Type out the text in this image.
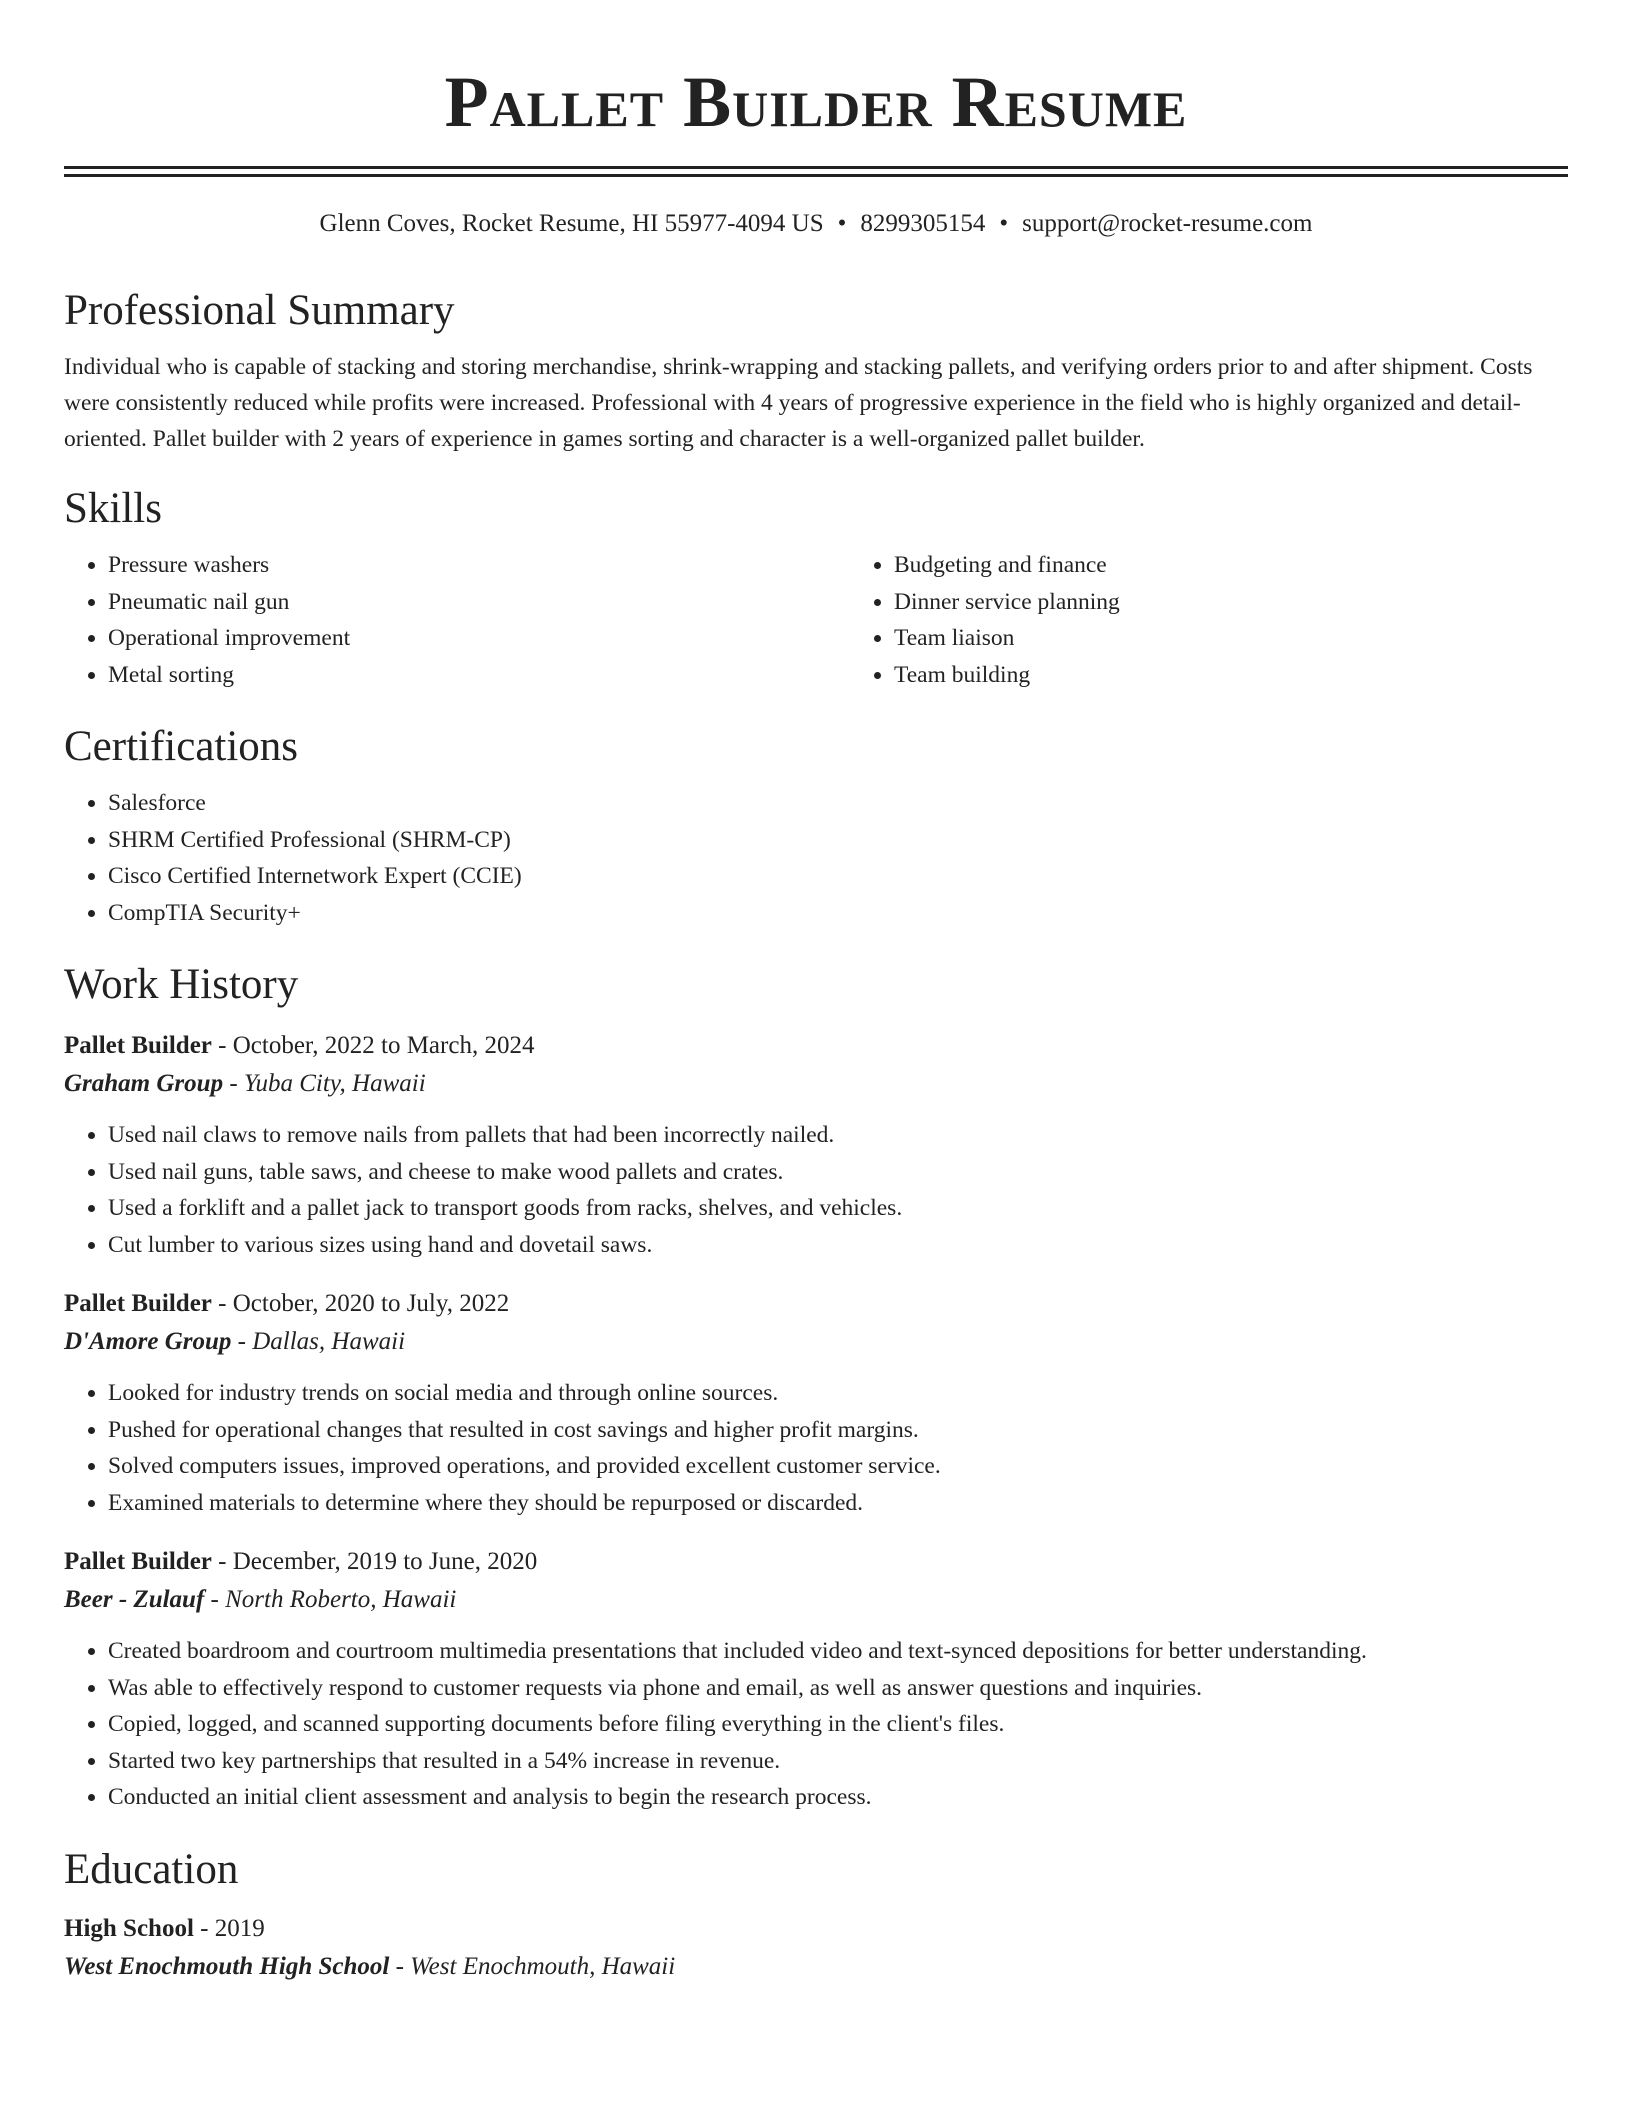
Pallet Builder Resume
Glenn Coves, Rocket Resume, HI 55977-4094 US • 8299305154 • support@rocket-resume.com
Professional Summary

Individual who is capable of stacking and storing merchandise, shrink-wrapping and stacking pallets, and verifying orders prior to and after shipment. Costs were consistently reduced while profits were increased. Professional with 4 years of progressive experience in the field who is highly organized and detail-oriented. Pallet builder with 2 years of experience in games sorting and character is a well-organized pallet builder.

Skills
• Pressure washers
• Pneumatic nail gun
• Operational improvement
• Metal sorting
• Budgeting and finance
• Dinner service planning
• Team liaison
• Team building
Certifications
• Salesforce
• SHRM Certified Professional (SHRM-CP)
• Cisco Certified Internetwork Expert (CCIE)
• CompTIA Security+
Work History
Pallet Builder - October, 2022 to March, 2024
Graham Group - Yuba City, Hawaii
• Used nail claws to remove nails from pallets that had been incorrectly nailed.
• Used nail guns, table saws, and cheese to make wood pallets and crates.
• Used a forklift and a pallet jack to transport goods from racks, shelves, and vehicles.
• Cut lumber to various sizes using hand and dovetail saws.
Pallet Builder - October, 2020 to July, 2022
D'Amore Group - Dallas, Hawaii
• Looked for industry trends on social media and through online sources.
• Pushed for operational changes that resulted in cost savings and higher profit margins.
• Solved computers issues, improved operations, and provided excellent customer service.
• Examined materials to determine where they should be repurposed or discarded.
Pallet Builder - December, 2019 to June, 2020
Beer - Zulauf - North Roberto, Hawaii
• Created boardroom and courtroom multimedia presentations that included video and text-synced depositions for better understanding.
• Was able to effectively respond to customer requests via phone and email, as well as answer questions and inquiries.
• Copied, logged, and scanned supporting documents before filing everything in the client's files.
• Started two key partnerships that resulted in a 54% increase in revenue.
• Conducted an initial client assessment and analysis to begin the research process.
Education
High School - 2019
West Enochmouth High School - West Enochmouth, Hawaii
